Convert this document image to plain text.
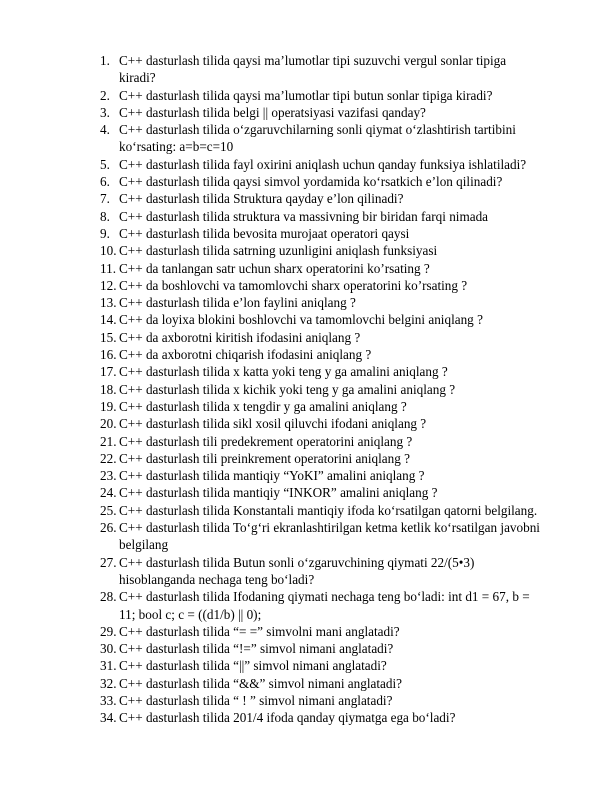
1. C++ dasturlash tilida qaysi ma’lumotlar tipi suzuvchi vergul sonlar tipiga
kiradi?
2. C++ dasturlash tilida qaysi ma’lumotlar tipi butun sonlar tipiga kiradi?
3. C++ dasturlash tilida belgi || operatsiyasi vazifasi qanday?
4. C++ dasturlash tilida o‘zgaruvchilarning sonli qiymat o‘zlashtirish tartibini
ko‘rsating: a=b=c=10
5. C++ dasturlash tilida fayl oxirini aniqlash uchun qanday funksiya ishlatiladi?
6. C++ dasturlash tilida qaysi simvol yordamida ko‘rsatkich e’lon qilinadi?
7. C++ dasturlash tilida Struktura qayday e’lon qilinadi?
8. C++ dasturlash tilida struktura va massivning bir biridan farqi nimada
9. C++ dasturlash tilida bevosita murojaat operatori qaysi
10. C++ dasturlash tilida satrning uzunligini aniqlash funksiyasi
11. C++ da tanlangan satr uchun sharx operatorini ko’rsating ?
12. C++ da boshlovchi va tamomlovchi sharx operatorini ko’rsating ?
13. C++ dasturlash tilida e’lon faylini aniqlang ?
14. C++ da loyixa blokini boshlovchi va tamomlovchi belgini aniqlang ?
15. C++ da axborotni kiritish ifodasini aniqlang ?
16. C++ da axborotni chiqarish ifodasini aniqlang ?
17. C++ dasturlash tilida x katta yoki teng y ga amalini aniqlang ?
18. C++ dasturlash tilida x kichik yoki teng y ga amalini aniqlang ?
19. C++ dasturlash tilida x tengdir y ga amalini aniqlang ?
20. C++ dasturlash tilida sikl xosil qiluvchi ifodani aniqlang ?
21. C++ dasturlash tili predekrement operatorini aniqlang ?
22. C++ dasturlash tili preinkrement operatorini aniqlang ?
23. C++ dasturlash tilida mantiqiy “YoKI” amalini aniqlang ?
24. C++ dasturlash tilida mantiqiy “INKOR” amalini aniqlang ?
25. C++ dasturlash tilida Konstantali mantiqiy ifoda ko‘rsatilgan qatorni belgilang.
26. C++ dasturlash tilida To‘g‘ri ekranlashtirilgan ketma ketlik ko‘rsatilgan javobni
belgilang
27. C++ dasturlash tilida Butun sonli o‘zgaruvchining qiymati 22/(5•3)
hisoblanganda nechaga teng bo‘ladi?
28. C++ dasturlash tilida Ifodaning qiymati nechaga teng bo‘ladi: int d1 = 67, b =
11; bool c; c = ((d1/b) || 0);
29. C++ dasturlash tilida “= =” simvolni mani anglatadi?
30. C++ dasturlash tilida “!=” simvol nimani anglatadi?
31. C++ dasturlash tilida “||” simvol nimani anglatadi?
32. C++ dasturlash tilida “&&” simvol nimani anglatadi?
33. C++ dasturlash tilida “ ! ” simvol nimani anglatadi?
34. C++ dasturlash tilida 201/4 ifoda qanday qiymatga ega bo‘ladi?
